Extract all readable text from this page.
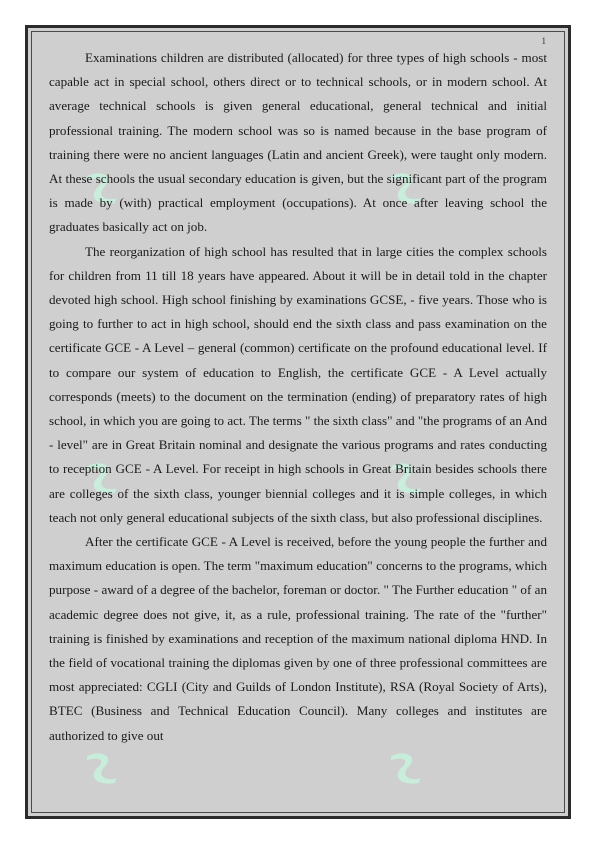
1

Examinations children are distributed (allocated) for three types of high schools - most capable act in special school, others direct or to technical schools, or in modern school. At average technical schools is given general educational, general technical and initial professional training. The modern school was so is named because in the base program of training there were no ancient languages (Latin and ancient Greek), were taught only modern. At these schools the usual secondary education is given, but the significant part of the program is made by (with) practical employment (occupations). At once after leaving school the graduates basically act on job.

The reorganization of high school has resulted that in large cities the complex schools for children from 11 till 18 years have appeared. About it will be in detail told in the chapter devoted high school. High school finishing by examinations GCSE, - five years. Those who is going to further to act in high school, should end the sixth class and pass examination on the certificate GCE - A Level – general (common) certificate on the profound educational level. If to compare our system of education to English, the certificate GCE - A Level actually corresponds (meets) to the document on the termination (ending) of preparatory rates of high school, in which you are going to act. The terms " the sixth class" and "the programs of an And - level" are in Great Britain nominal and designate the various programs and rates conducting to reception GCE - A Level. For receipt in high schools in Great Britain besides schools there are colleges of the sixth class, younger biennial colleges and it is simple colleges, in which teach not only general educational subjects of the sixth class, but also professional disciplines.

After the certificate GCE - A Level is received, before the young people the further and maximum education is open. The term "maximum education" concerns to the programs, which purpose - award of a degree of the bachelor, foreman or doctor. " The Further education " of an academic degree does not give, it, as a rule, professional training. The rate of the "further" training is finished by examinations and reception of the maximum national diploma HND. In the field of vocational training the diplomas given by one of three professional committees are most appreciated: CGLI (City and Guilds of London Institute), RSA (Royal Society of Arts), BTEC (Business and Technical Education Council). Many colleges and institutes are authorized to give out
